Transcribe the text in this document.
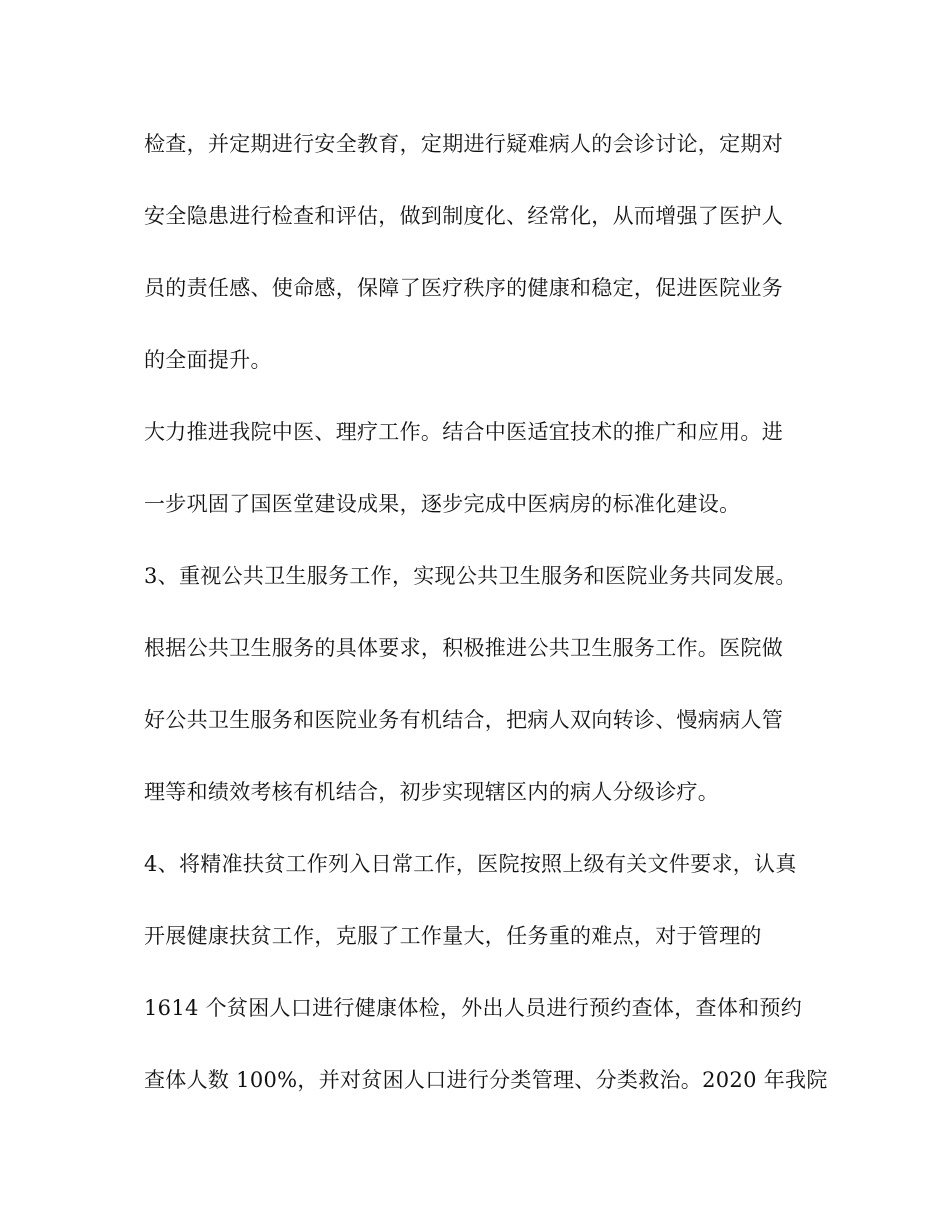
检查，并定期进行安全教育，定期进行疑难病人的会诊讨论，定期对

安全隐患进行检查和评估，做到制度化、经常化，从而增强了医护人

员的责任感、使命感，保障了医疗秩序的健康和稳定，促进医院业务

的全面提升。

大力推进我院中医、理疗工作。结合中医适宜技术的推广和应用。进

一步巩固了国医堂建设成果，逐步完成中医病房的标准化建设。

3、重视公共卫生服务工作，实现公共卫生服务和医院业务共同发展。

根据公共卫生服务的具体要求，积极推进公共卫生服务工作。医院做

好公共卫生服务和医院业务有机结合，把病人双向转诊、慢病病人管

理等和绩效考核有机结合，初步实现辖区内的病人分级诊疗。

4、将精准扶贫工作列入日常工作，医院按照上级有关文件要求，认真

开展健康扶贫工作，克服了工作量大，任务重的难点，对于管理的

1614 个贫困人口进行健康体检，外出人员进行预约查体，查体和预约

查体人数 100%，并对贫困人口进行分类管理、分类救治。2020 年我院
